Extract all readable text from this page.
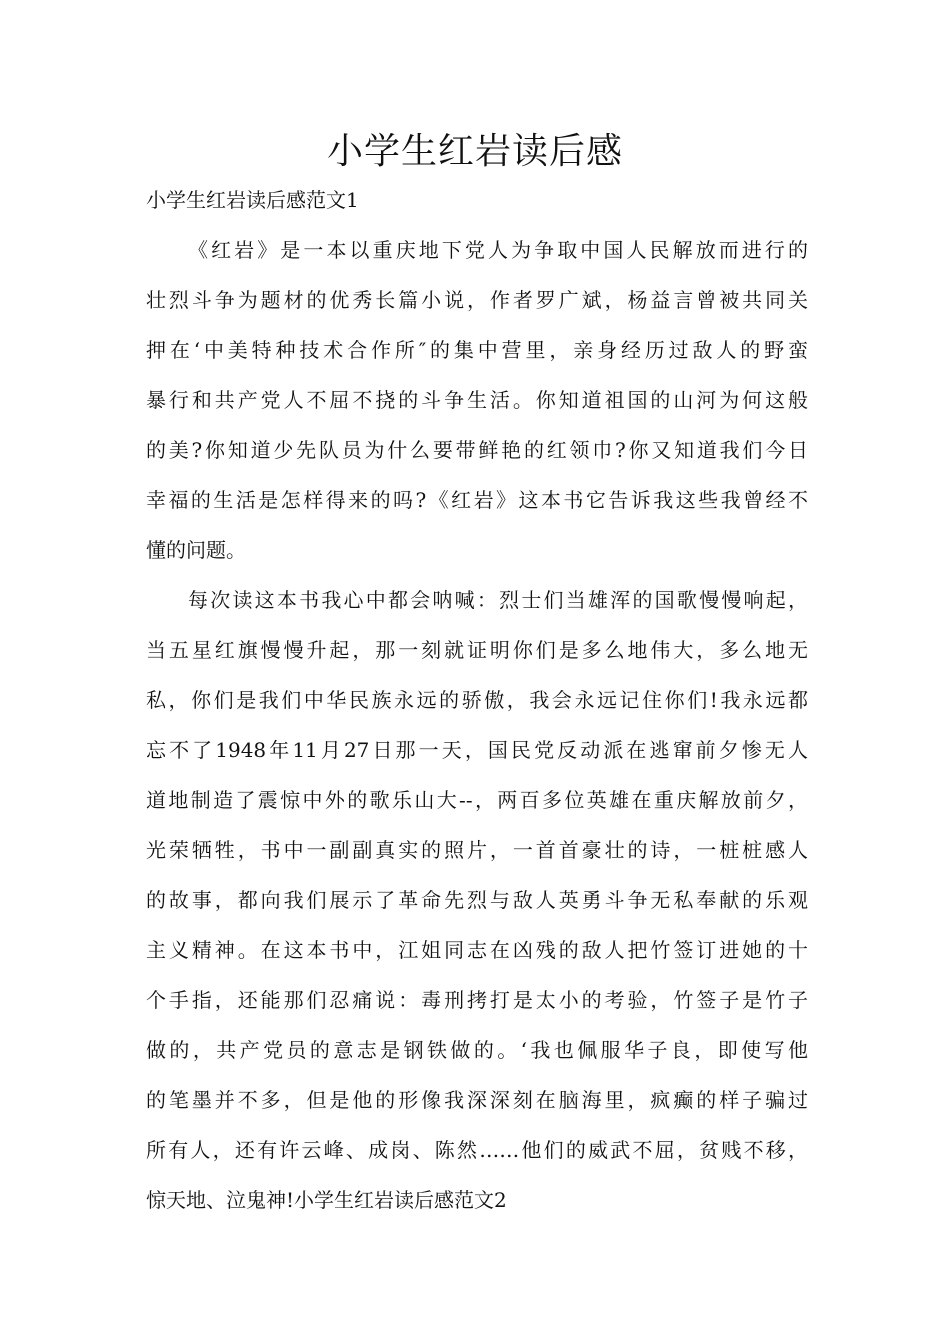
小学生红岩读后感
小学生红岩读后感范文1
《红岩》是一本以重庆地下党人为争取中国人民解放而进行的
壮烈斗争为题材的优秀长篇小说，作者罗广斌，杨益言曾被共同关
押在‘中美特种技术合作所″的集中营里，亲身经历过敌人的野蛮
暴行和共产党人不屈不挠的斗争生活。你知道祖国的山河为何这般
的美?你知道少先队员为什么要带鲜艳的红领巾?你又知道我们今日
幸福的生活是怎样得来的吗?《红岩》这本书它告诉我这些我曾经不
懂的问题。
每次读这本书我心中都会呐喊：烈士们当雄浑的国歌慢慢响起，
当五星红旗慢慢升起，那一刻就证明你们是多么地伟大，多么地无
私，你们是我们中华民族永远的骄傲，我会永远记住你们!我永远都
忘不了1948年11月27日那一天，国民党反动派在逃窜前夕惨无人
道地制造了震惊中外的歌乐山大--，两百多位英雄在重庆解放前夕，
光荣牺牲，书中一副副真实的照片，一首首豪壮的诗，一桩桩感人
的故事，都向我们展示了革命先烈与敌人英勇斗争无私奉献的乐观
主义精神。在这本书中，江姐同志在凶残的敌人把竹签订进她的十
个手指，还能那们忍痛说：毒刑拷打是太小的考验，竹签子是竹子
做的，共产党员的意志是钢铁做的。‘我也佩服华子良，即使写他
的笔墨并不多，但是他的形像我深深刻在脑海里，疯癫的样子骗过
所有人，还有许云峰、成岗、陈然……他们的威武不屈，贫贱不移，
惊天地、泣鬼神!小学生红岩读后感范文2
